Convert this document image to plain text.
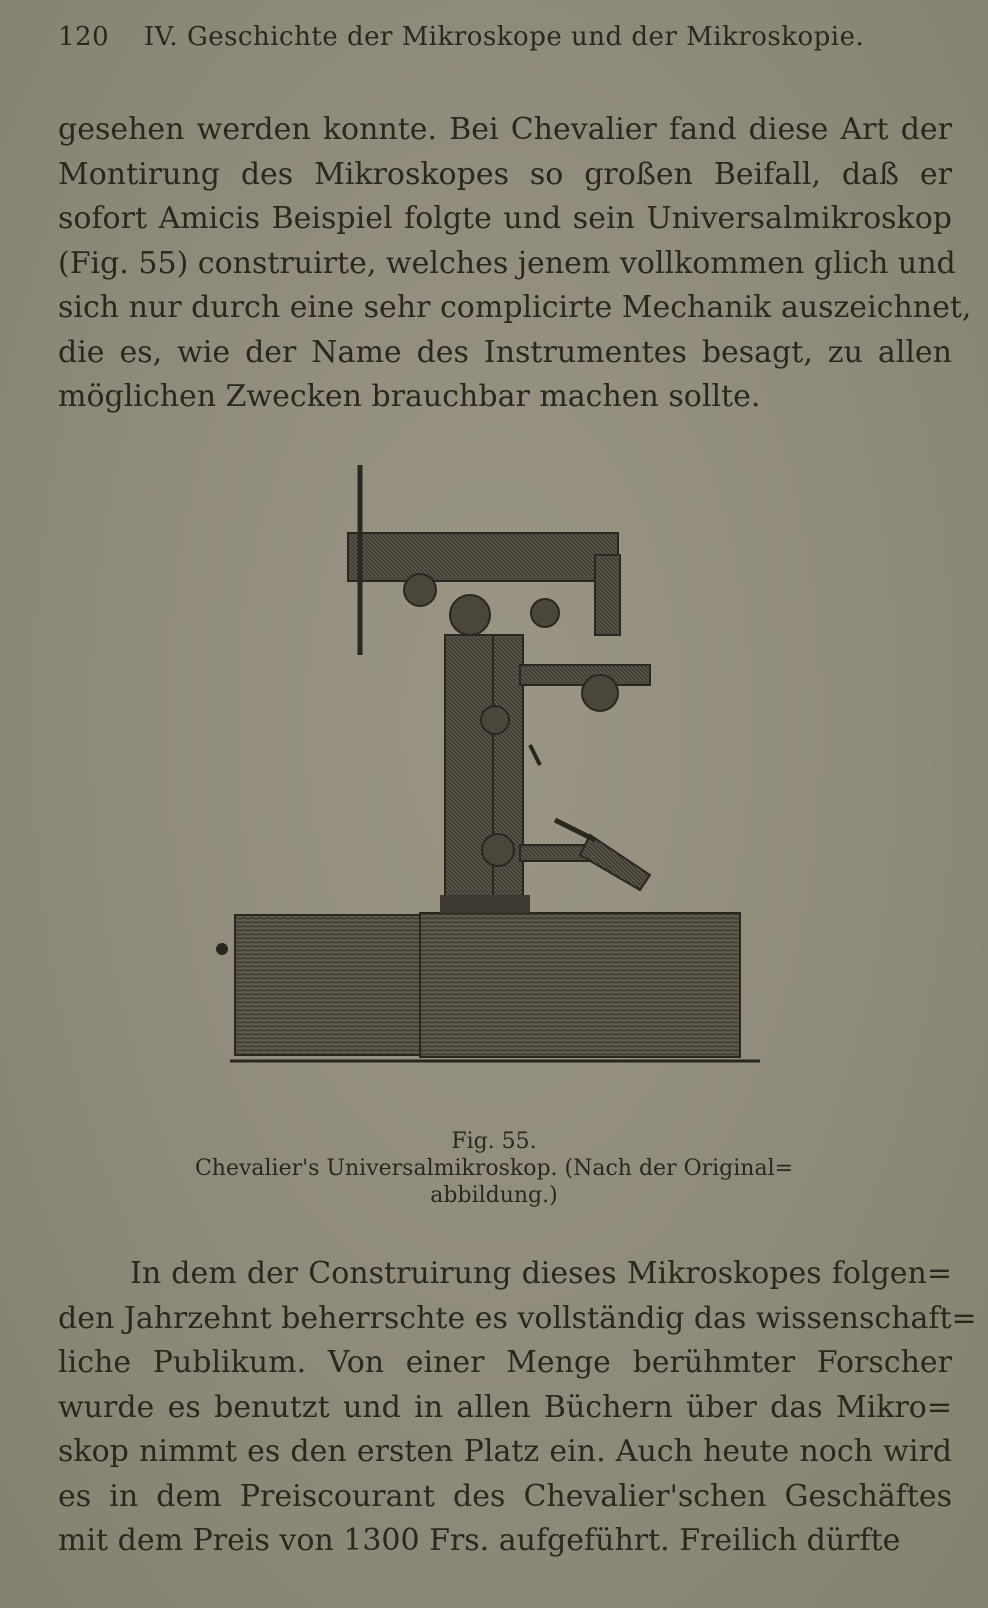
120 IV. Geschichte der Mikroskope und der Mikroskopie.
gesehen werden konnte. Bei Chevalier fand diese Art der
Montirung des Mikroskopes so großen Beifall, daß er
sofort Amicis Beispiel folgte und sein Universalmikroskop
(Fig. 55) construirte, welches jenem vollkommen glich und
sich nur durch eine sehr complicirte Mechanik auszeichnet,
die es, wie der Name des Instrumentes besagt, zu allen
möglichen Zwecken brauchbar machen sollte.
Fig. 55.
Chevalier's Universalmikroskop. (Nach der Original=
abbildung.)
In dem der Construirung dieses Mikroskopes folgen=
den Jahrzehnt beherrschte es vollständig das wissenschaft=
liche Publikum. Von einer Menge berühmter Forscher
wurde es benutzt und in allen Büchern über das Mikro=
skop nimmt es den ersten Platz ein. Auch heute noch wird
es in dem Preiscourant des Chevalier'schen Geschäftes
mit dem Preis von 1300 Frs. aufgeführt. Freilich dürfte
